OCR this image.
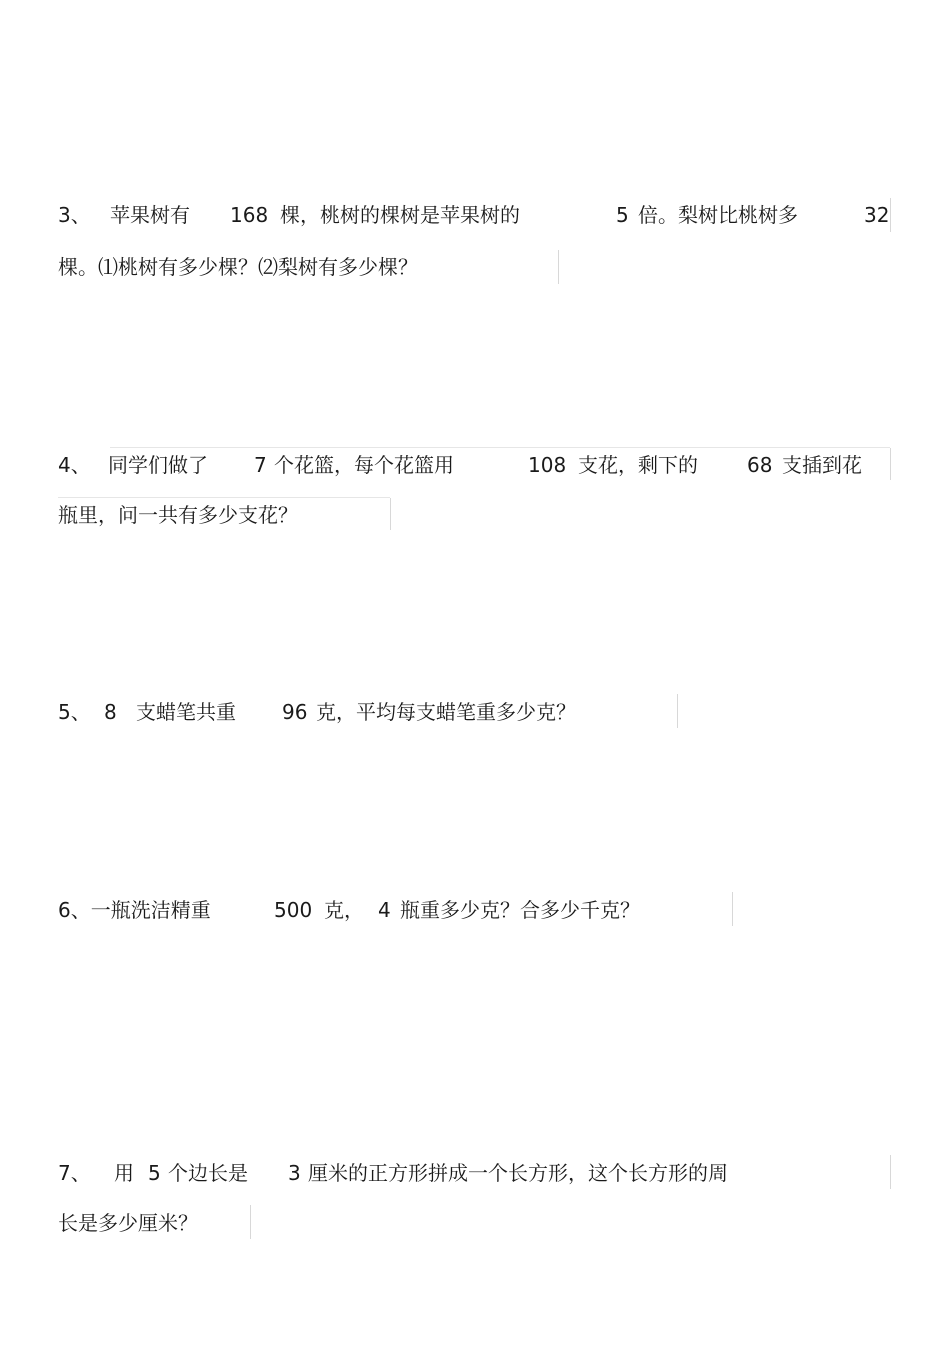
3、 苹果树有 168 棵，桃树的棵树是苹果树的	5 倍。梨树比桃树多	32
棵。⑴桃树有多少棵？⑵梨树有多少棵？
4、 同学们做了 7 个花篮，每个花篮用	108 支花，剩下的 68 支插到花
瓶里，问一共有多少支花？
5、 8 支蜡笔共重 96 克，平均每支蜡笔重多少克？
6、一瓶洗洁精重	500 克， 4 瓶重多少克？合多少千克？
7、 用 5 个边长是 3 厘米的正方形拼成一个长方形，这个长方形的周
长是多少厘米？
